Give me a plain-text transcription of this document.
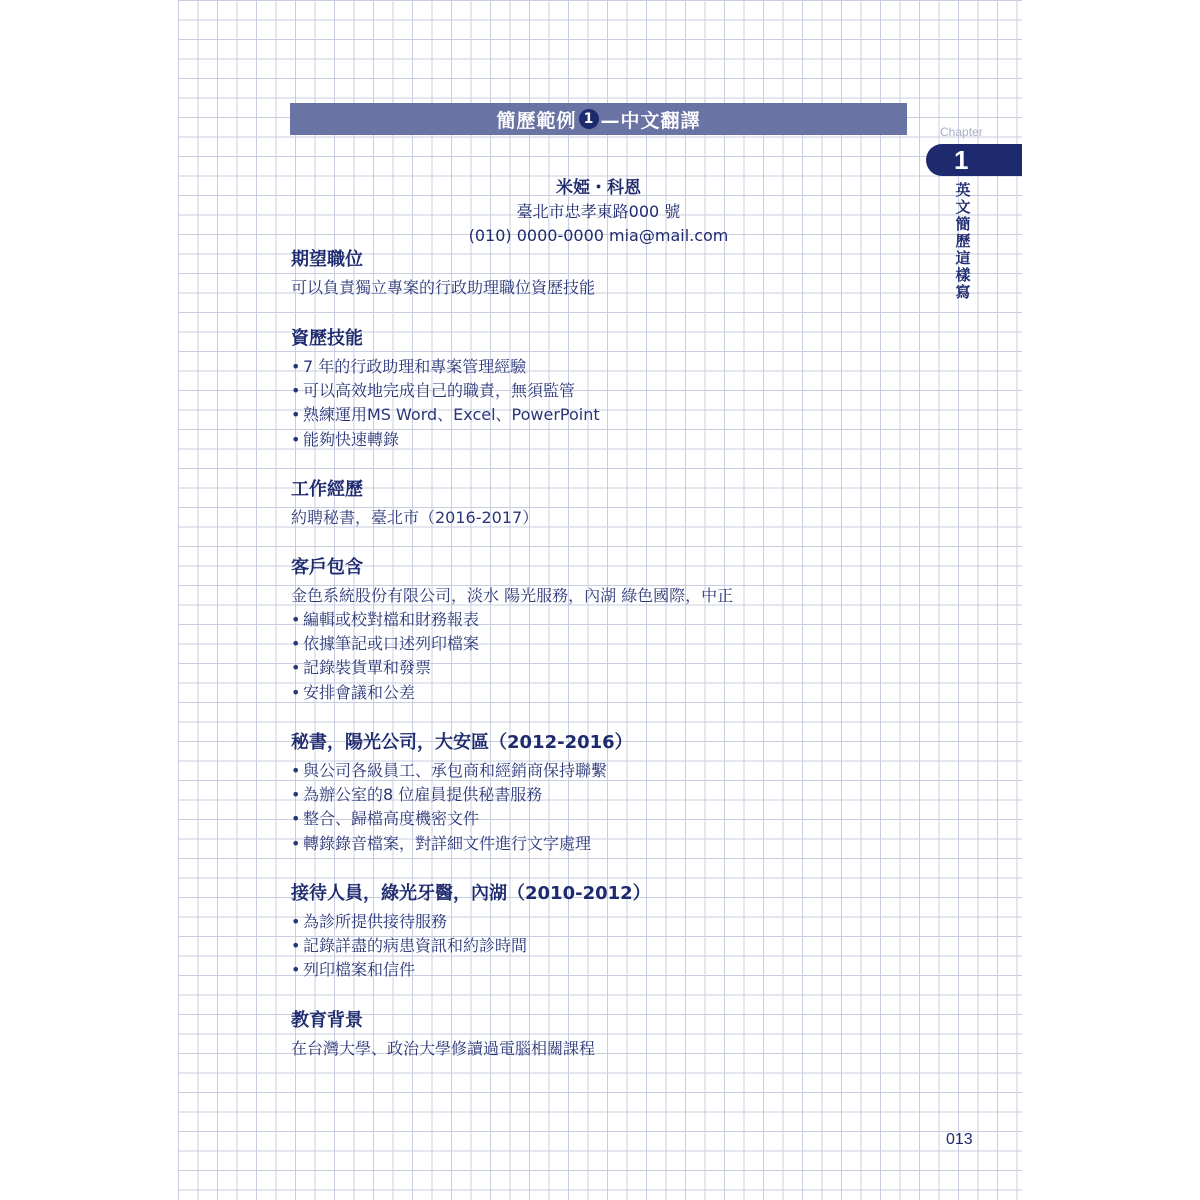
簡歷範例 1 —中文翻譯
Chapter
1
英文簡歷這樣寫
米婭・科恩
臺北市忠孝東路000 號
(010) 0000-0000 mia@mail.com

期望職位

可以負責獨立專案的行政助理職位資歷技能

資歷技能

• 7 年的行政助理和專案管理經驗
• 可以高效地完成自己的職責，無須監管
• 熟練運用MS Word、Excel、PowerPoint
• 能夠快速轉錄

工作經歷

約聘秘書，臺北市（2016-2017）

客戶包含

金色系統股份有限公司，淡水 陽光服務，內湖 綠色國際，中正

• 編輯或校對檔和財務報表
• 依據筆記或口述列印檔案
• 記錄裝貨單和發票
• 安排會議和公差

秘書，陽光公司，大安區（2012-2016）

• 與公司各級員工、承包商和經銷商保持聯繫
• 為辦公室的8 位雇員提供秘書服務
• 整合、歸檔高度機密文件
• 轉錄錄音檔案，對詳細文件進行文字處理

接待人員，綠光牙醫，內湖（2010-2012）

• 為診所提供接待服務
• 記錄詳盡的病患資訊和約診時間
• 列印檔案和信件

教育背景

在台灣大學、政治大學修讀過電腦相關課程

013
